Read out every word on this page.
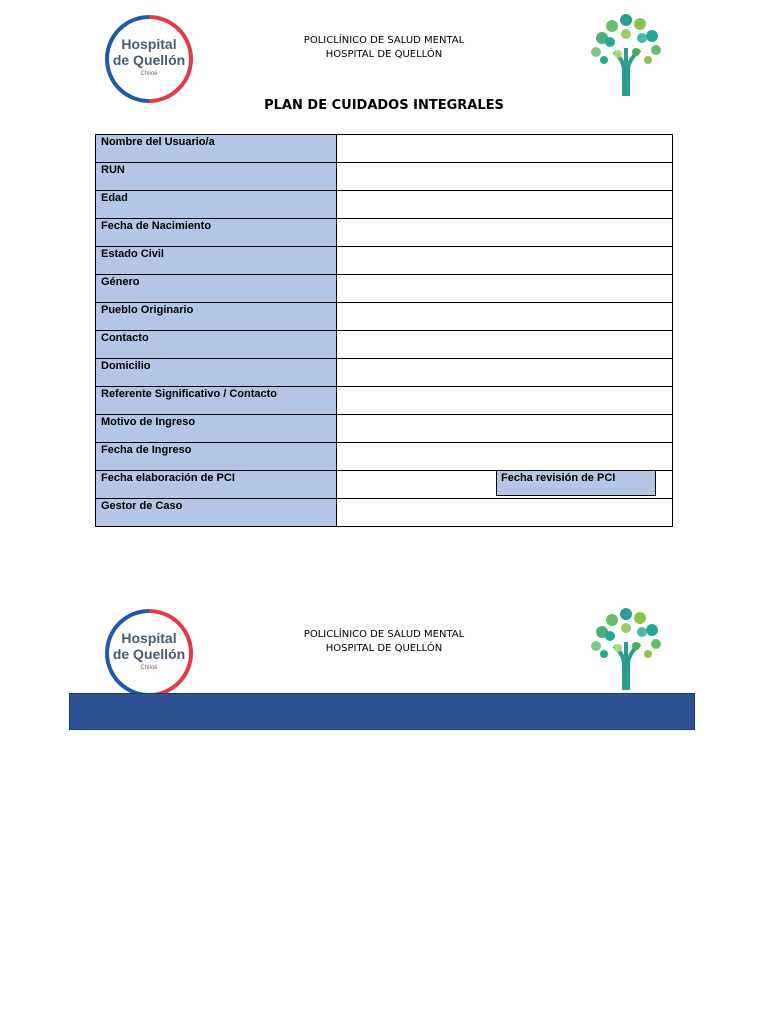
Hospital
de Quellón
Chiloé
POLICLÍNICO DE SALUD MENTAL
HOSPITAL DE QUELLÓN
PLAN DE CUIDADOS INTEGRALES
Nombre del Usuario/a	
RUN	
Edad	
Fecha de Nacimiento	
Estado Civil	
Género	
Pueblo Originario	
Contacto	
Domicilio	
Referente Significativo / Contacto	
Motivo de Ingreso	
Fecha de Ingreso	
Fecha elaboración de PCI	Fecha revisión de PCI

Gestor de Caso	
Hospital
de Quellón
Chiloé
POLICLÍNICO DE SALUD MENTAL
HOSPITAL DE QUELLÓN
